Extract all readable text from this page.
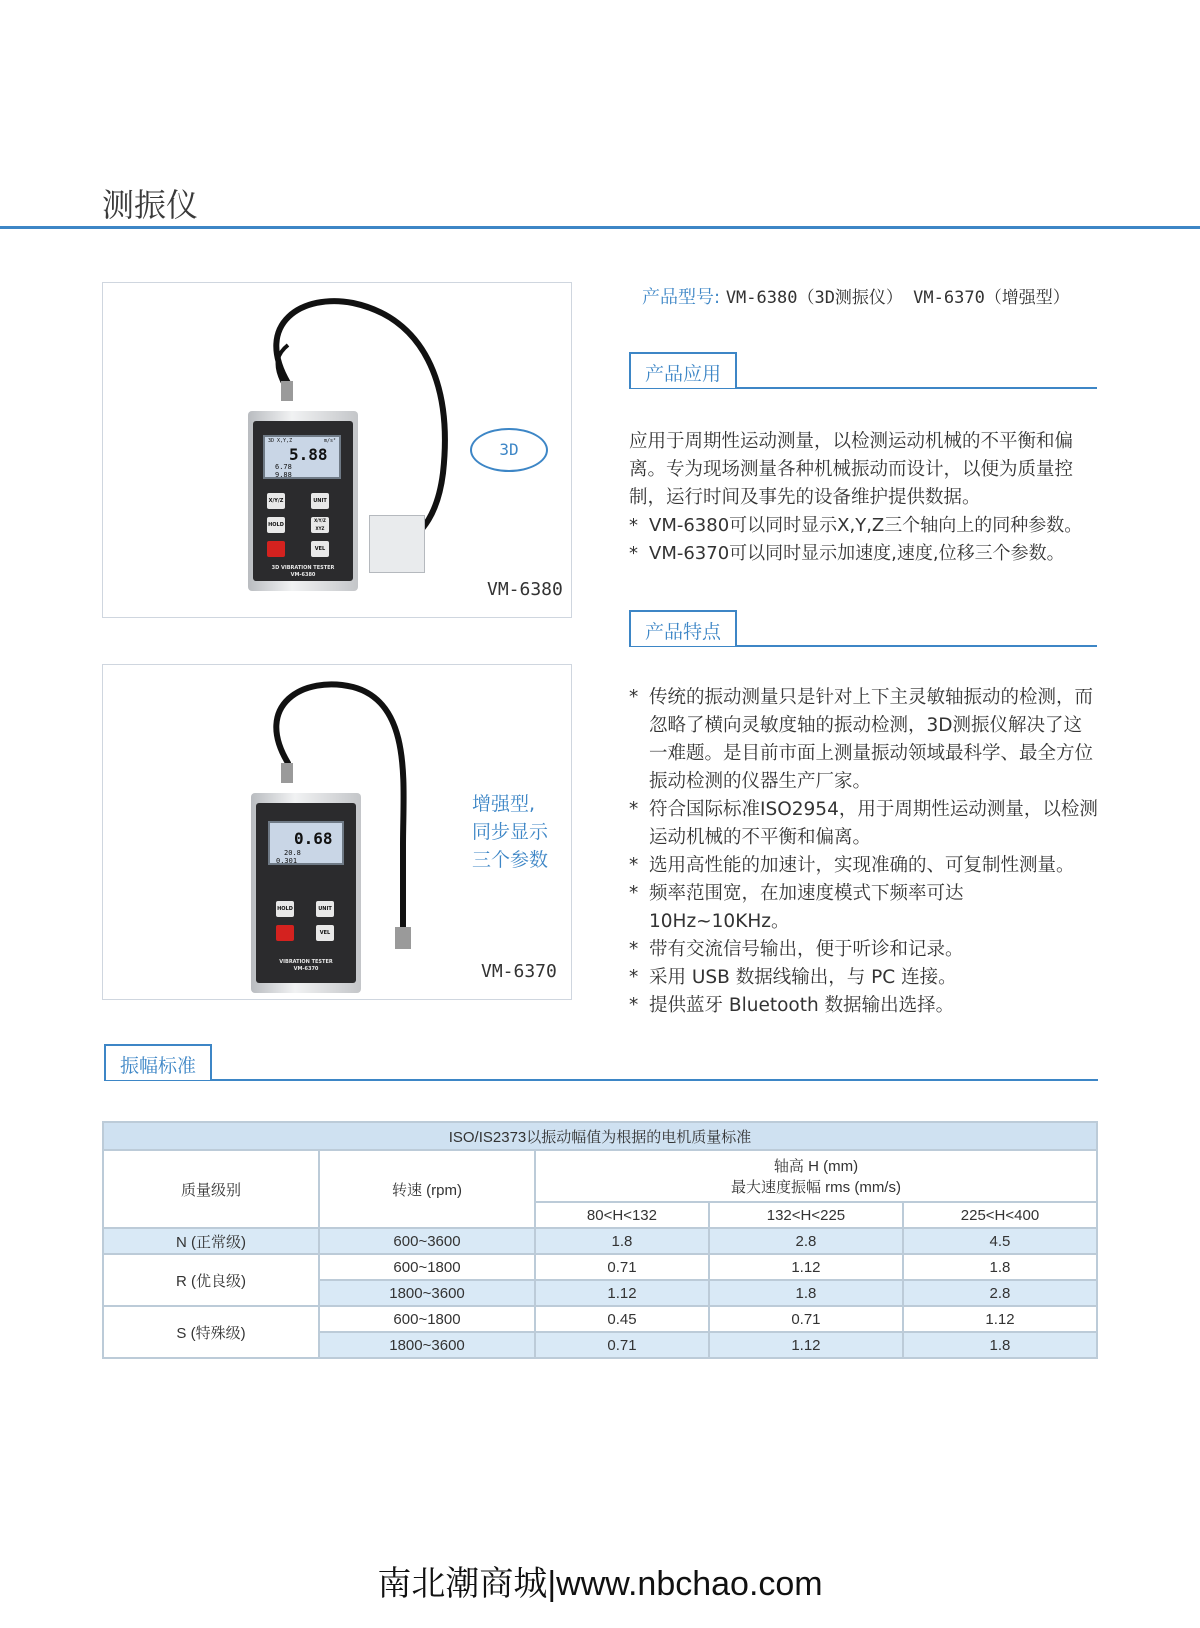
测振仪
3D X,Y,Z	m/s²
5.88
6.78
9.88
X/Y/Z	UNIT
HOLD
X/Y/Z XYZ
VEL
3D VIBRATION TESTER
VM-6380
VM-6380
3D
0.68
20.8
0.301
HOLD	UNIT
VEL
VIBRATION TESTER
VM-6370	VM-6370
增强型,
同步显示
三个参数
产品型号: VM-6380（3D测振仪） VM-6370（增强型）
产品应用
应用于周期性运动测量，以检测运动机械的不平衡和偏离。专为现场测量各种机械振动而设计，以便为质量控制，运行时间及事先的设备维护提供数据。
* VM-6380可以同时显示X,Y,Z三个轴向上的同种参数。
* VM-6370可以同时显示加速度,速度,位移三个参数。
产品特点
* 传统的振动测量只是针对上下主灵敏轴振动的检测，而忽略了横向灵敏度轴的振动检测，3D测振仪解决了这一难题。是目前市面上测量振动领域最科学、最全方位振动检测的仪器生产厂家。
* 符合国际标准ISO2954，用于周期性运动测量，以检测运动机械的不平衡和偏离。
* 选用高性能的加速计，实现准确的、可复制性测量。
* 频率范围宽，在加速度模式下频率可达10Hz~10KHz。
* 带有交流信号输出，便于听诊和记录。
* 采用 USB 数据线输出，与 PC 连接。
* 提供蓝牙 Bluetooth 数据输出选择。
振幅标准
ISO/IS2373以振动幅值为根据的电机质量标准				
质量级别	转速 (rpm)	轴高 H (mm)
最大速度振幅 rms (mm/s)		

		80<H<132	132<H<225	225<H<400
N (正常级)	600~3600	1.8	2.8	4.5
R (优良级)	600~1800	0.71	1.12	1.8
	1800~3600	1.12	1.8	2.8
S (特殊级)	600~1800	0.45	0.71	1.12
	1800~3600	0.71	1.12	1.8
南北潮商城|www.nbchao.com
